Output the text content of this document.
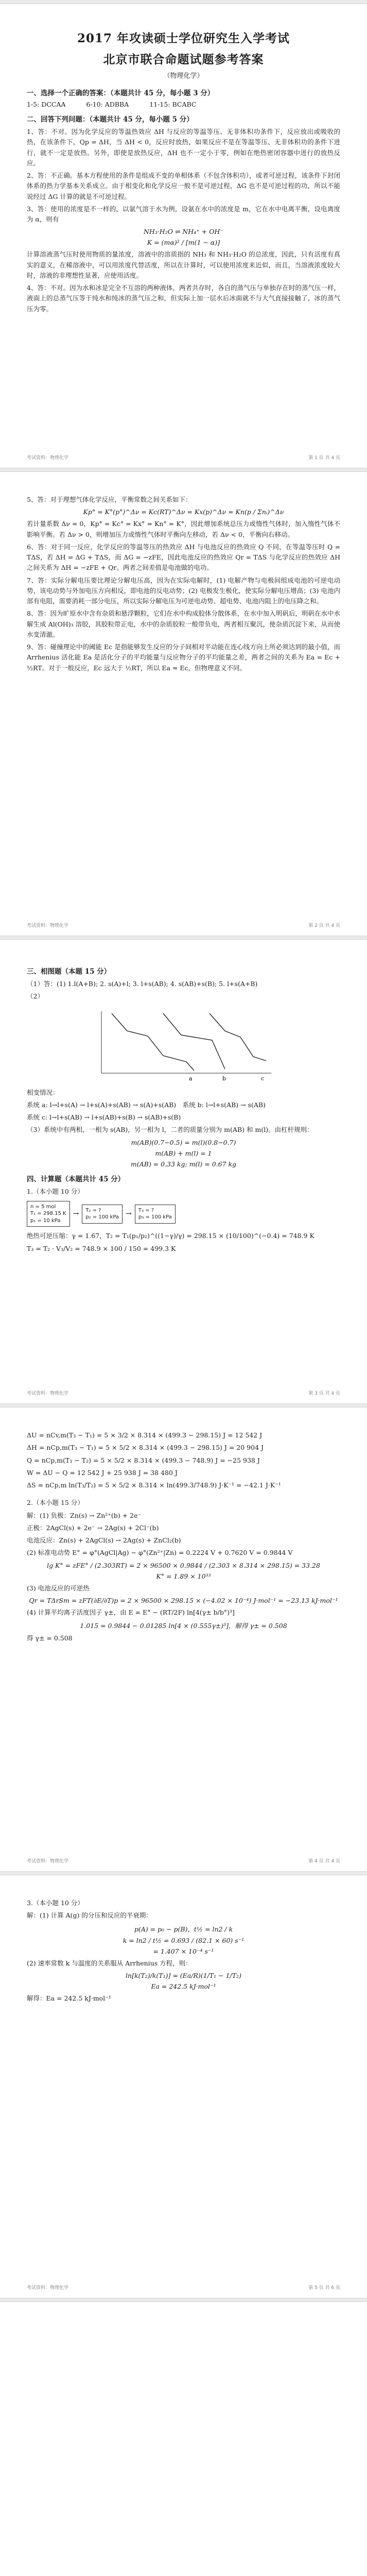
2017 年攻读硕士学位研究生入学考试
北京市联合命题试题参考答案
（物理化学）
一、选择一个正确的答案：（本题共计 45 分，每小题 3 分）
1-5: DCCAA	6-10: ADBBA	11-15: BCABC
二、回答下列问题：（本题共计 45 分，每小题 5 分）

1、答：不对。因为化学反应的等温热效应 ΔH 与反应的等温等压、无非体积功条件下，反应放出或吸收的热，在该条件下，Qp = ΔH，当 ΔH < 0，反应时放热，如果反应不是在等温等压、无非体积功的条件下进行，就不一定是放热。另外，即使是放热反应，ΔH 也不一定小于零，例如在绝热密闭容器中进行的放热反应。

2、答：不正确。基本方程使用的条件是组成不变的单相体系（不包含体积功），或者可逆过程，该条件下封闭体系的热力学基本关系成立。由于相变化和化学反应一般不是可逆过程，ΔG 也不是可逆过程的功，所以不能说经过 ΔG 计算的就是不可逆过程。

3、答：使用的浓度是不一样的，以氨气溶于水为例，设氨在水中的浓度是 m，它在水中电离平衡，设电离度为 α，则有

NH₃·H₂O ⇌ NH₄⁺ + OH⁻
K = (mα)² / [m(1 − α)]

计算溶液蒸气压时使用物质的量浓度，溶液中的溶质指的 NH₃ 和 NH₃·H₂O 的总浓度，因此，只有活度有真实的意义，在稀溶液中，可以用浓度代替活度，所以在计算时，可以使用浓度来近似，而且，当溶液浓度较大时，溶液的非理想性显著，应使用活度。

4、答：不对。因为水和冰是完全不互溶的两种液体，两者共存时，各自的蒸气压与单独存在时的蒸气压一样，液面上的总蒸气压等于纯水和纯冰的蒸气压之和，但实际上加一层水后冰面就不与大气直接接触了，冰的蒸气压为零。

考试资料：物理化学	第 1 页 共 4 页

5、答：对于理想气体化学反应，平衡常数之间关系如下：

Kp° = K°(p°)^Δν = Kc(RT)^Δν = Kx(p)^Δν = Kn(p / Σnᵢ)^Δν

若计量系数 Δν = 0，Kp° = Kc° = Kx° = Kn° = K°，因此增加系统总压力或惰性气体时，加入惰性气体不影响平衡。若 Δν > 0，则增加压力或惰性气体时平衡向左移动，若 Δν < 0，平衡向右移动。

6、答：对于同一反应，化学反应的等温等压的热效应 ΔH 与电池反应的热效应 Q 不同，在等温等压时 Q = TΔS，若 ΔH = ΔG + TΔS，而 ΔG = −zFE，因此电池反应的热效应 Qr = TΔS 与化学反应的热效应 ΔH 之间关系为 ΔH = −zFE + Qr。两者之间差值是电池做的电功。

7、答：实际分解电压要比理论分解电压高，因为在实际电解时，(1) 电解产物与电极间组成电池的可逆电动势，该电动势与外加电压方向相反，即电池的反电动势；(2) 电极发生极化，使实际分解电压增高；(3) 电池内部有电阻，需要消耗一部分电压，所以实际分解电压为可逆电动势、超电势、电池内阻上的电压降之和。

8、答：因为旷原水中含有杂质和悬浮颗粒，它们在水中构成胶体分散体系，在水中加入明矾后，明矾在水中水解生成 Al(OH)₃ 溶胶，其胶粒带正电，水中的杂质胶粒一般带负电，两者相互聚沉，使杂质沉淀下来，从而使水变清澈。

9、答：碰撞理论中的阈能 Ec 是指能够发生反应的分子间相对平动能在连心线方向上所必须达到的最小值，而 Arrhenius 活化能 Ea 是活化分子的平均能量与反应物分子的平均能量之差，两者之间的关系为 Ea = Ec + ½RT。对于一般反应，Ec 远大于 ½RT，所以 Ea ≈ Ec，但物理意义不同。

考试资料：物理化学	第 2 页 共 4 页
三、相图题（本题 15 分）

（1）答：(1) 1.l(A+B); 2. s(A)+l; 3. l+s(AB); 4. s(AB)+s(B); 5. l+s(A+B)

（2）

a	b	c

相变情况：

系统 a: l→l+s(A) → l+s(A)+s(AB) → s(A)+s(AB)　系统 b: l→l+s(AB) → s(AB)

系统 c: l→l+s(AB) → l+s(AB)+s(B) → s(AB)+s(B)

（3）系统中有两相，一相为 s(AB)，另一相为 l，二者的质量分别为 m(AB) 和 m(l)。由杠杆规则：

m(AB)(0.7−0.5) = m(l)(0.8−0.7)
m(AB) + m(l) = 1
m(AB) = 0.33 kg; m(l) = 0.67 kg
四、计算题（本题共计 45 分）

1.（本小题 10 分）

n = 5 mol
T₁ = 298.15 K
p₁ = 10 kPa
→	T₂ = ?
p₂ = 100 kPa →	T₃ = ?
p₃ = 100 kPa

绝热可逆压缩：γ = 1.67，T₂ = T₁(p₁/p₂)^((1−γ)/γ) = 298.15 × (10/100)^(−0.4) = 748.9 K

T₃ = T₂ · V₃/V₂ = 748.9 × 100 / 150 = 499.3 K

考试资料：物理化学	第 3 页 共 4 页

ΔU = nCv,m(T₃ − T₁) = 5 × 3/2 × 8.314 × (499.3 − 298.15) J = 12 542 J

ΔH = nCp,m(T₃ − T₁) = 5 × 5/2 × 8.314 × (499.3 − 298.15) J = 20 904 J

Q = nCp,m(T₃ − T₂) = 5 × 5/2 × 8.314 × (499.3 − 748.9) J = −25 938 J

W = ΔU − Q = 12 542 J + 25 938 J = 38 480 J

ΔS = nCp,m ln(T₃/T₂) = 5 × 5/2 × 8.314 × ln(499.3/748.9) J·K⁻¹ = −42.1 J·K⁻¹

2.（本小题 15 分）

解：(1) 负极：Zn(s) → Zn²⁺(b) + 2e⁻

正极：2AgCl(s) + 2e⁻ → 2Ag(s) + 2Cl⁻(b)

电池反应：Zn(s) + 2AgCl(s) → 2Ag(s) + ZnCl₂(b)

(2) 标准电动势 E° = φ°(AgCl|Ag) − φ°(Zn²⁺|Zn) = 0.2224 V + 0.7620 V = 0.9844 V

lg K° = zFE° / (2.303RT) = 2 × 96500 × 0.9844 / (2.303 × 8.314 × 298.15) = 33.28
K° = 1.89 × 10³³

(3) 电池反应的可逆热

Qr = TΔrSm = zFT(∂E/∂T)p = 2 × 96500 × 298.15 × (−4.02 × 10⁻⁴) J·mol⁻¹ = −23.13 kJ·mol⁻¹

(4) 计算平均离子活度因子 γ±，由 E = E° − (RT/2F) ln[4(γ± b/b°)³]

1.015 = 0.9844 − 0.01285 ln[4 × (0.555γ±)³]，解得 γ± = 0.508

得 γ± = 0.508

考试资料：物理化学	第 4 页 共 4 页

3.（本小题 10 分）

解：(1) 计算 A(g) 的分压和反应的半衰期：

p(A) = p₀ − p(B)，t½ = ln2 / k
k = ln2 / t½ = 0.693 / (82.1 × 60) s⁻¹
= 1.407 × 10⁻⁴ s⁻¹

(2) 速率常数 k 与温度的关系服从 Arrhenius 方程，则：

ln[k(T₂)/k(T₁)] = (Ea/R)(1/T₁ − 1/T₂)
Ea = 242.5 kJ·mol⁻¹

解得：Ea = 242.5 kJ·mol⁻¹

考试资料：物理化学	第 5 页 共 6 页
